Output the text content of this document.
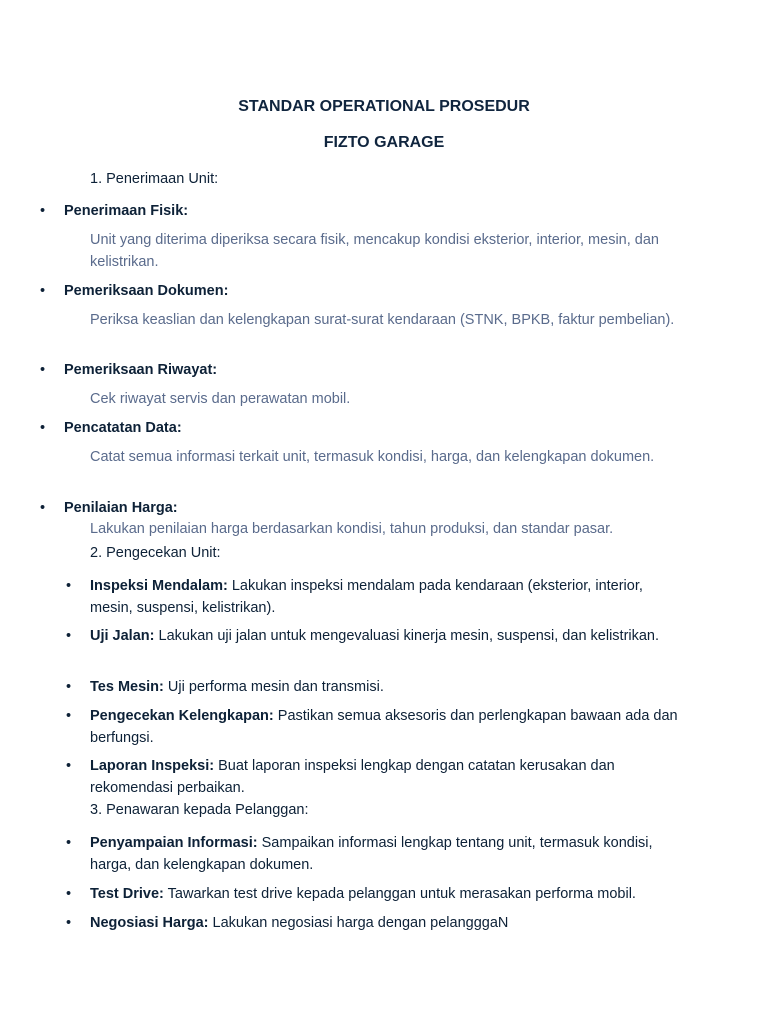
STANDAR OPERATIONAL PROSEDUR
FIZTO GARAGE

1. Penerimaan Unit:

• Penerimaan Fisik:
Unit yang diterima diperiksa secara fisik, mencakup kondisi eksterior, interior, mesin, dan kelistrikan.
• Pemeriksaan Dokumen:
Periksa keaslian dan kelengkapan surat-surat kendaraan (STNK, BPKB, faktur pembelian).
• Pemeriksaan Riwayat:
Cek riwayat servis dan perawatan mobil.
• Pencatatan Data:
Catat semua informasi terkait unit, termasuk kondisi, harga, dan kelengkapan dokumen.
• Penilaian Harga:
Lakukan penilaian harga berdasarkan kondisi, tahun produksi, dan standar pasar.

2. Pengecekan Unit:

• Inspeksi Mendalam: Lakukan inspeksi mendalam pada kendaraan (eksterior, interior, mesin, suspensi, kelistrikan).
• Uji Jalan: Lakukan uji jalan untuk mengevaluasi kinerja mesin, suspensi, dan kelistrikan.
• Tes Mesin: Uji performa mesin dan transmisi.
• Pengecekan Kelengkapan: Pastikan semua aksesoris dan perlengkapan bawaan ada dan berfungsi.
• Laporan Inspeksi: Buat laporan inspeksi lengkap dengan catatan kerusakan dan rekomendasi perbaikan.

3. Penawaran kepada Pelanggan:

• Penyampaian Informasi: Sampaikan informasi lengkap tentang unit, termasuk kondisi, harga, dan kelengkapan dokumen.
• Test Drive: Tawarkan test drive kepada pelanggan untuk merasakan performa mobil.
• Negosiasi Harga: Lakukan negosiasi harga dengan pelangggaN
